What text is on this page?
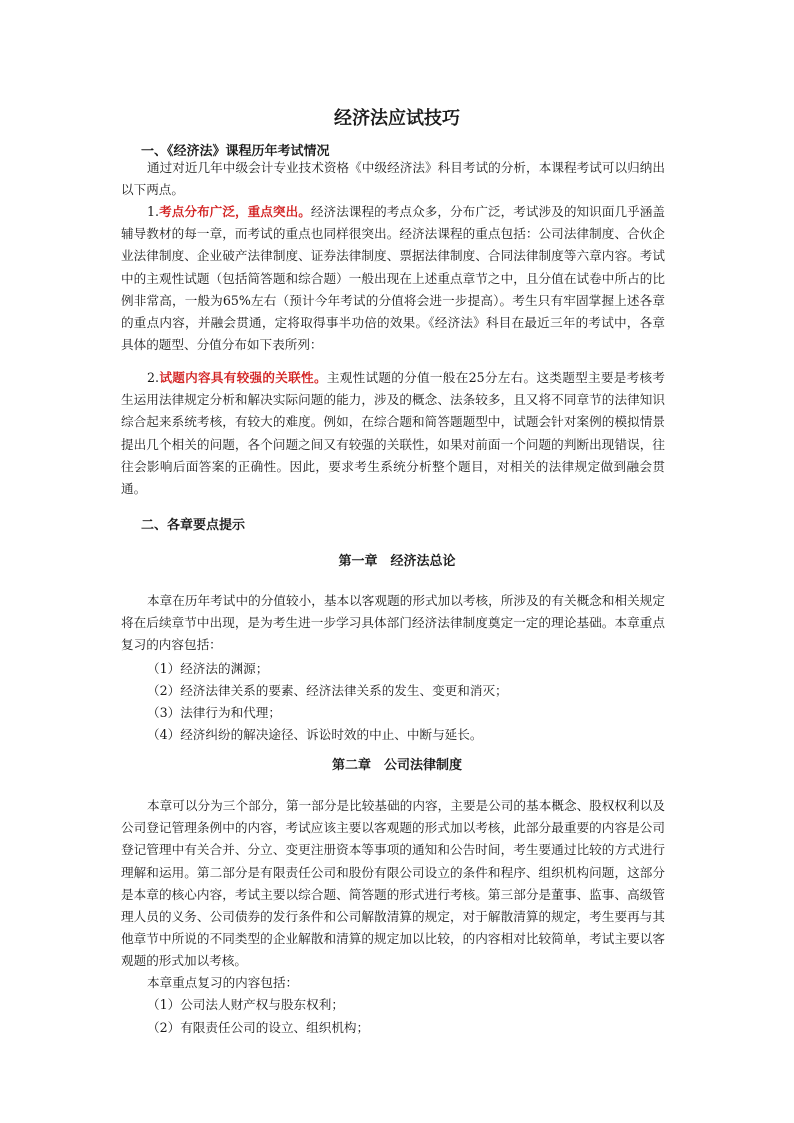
经济法应试技巧
一、《经济法》课程历年考试情况
通过对近几年中级会计专业技术资格《中级经济法》科目考试的分析，本课程考试可以归纳出以下两点。
1.考点分布广泛，重点突出。经济法课程的考点众多，分布广泛，考试涉及的知识面几乎涵盖辅导教材的每一章，而考试的重点也同样很突出。经济法课程的重点包括：公司法律制度、合伙企业法律制度、企业破产法律制度、证券法律制度、票据法律制度、合同法律制度等六章内容。考试中的主观性试题（包括简答题和综合题）一般出现在上述重点章节之中，且分值在试卷中所占的比例非常高，一般为65%左右（预计今年考试的分值将会进一步提高）。考生只有牢固掌握上述各章的重点内容，并融会贯通，定将取得事半功倍的效果。《经济法》科目在最近三年的考试中，各章具体的题型、分值分布如下表所列：
2.试题内容具有较强的关联性。主观性试题的分值一般在25分左右。这类题型主要是考核考生运用法律规定分析和解决实际问题的能力，涉及的概念、法条较多，且又将不同章节的法律知识综合起来系统考核，有较大的难度。例如，在综合题和简答题题型中，试题会针对案例的模拟情景提出几个相关的问题，各个问题之间又有较强的关联性，如果对前面一个问题的判断出现错误，往往会影响后面答案的正确性。因此，要求考生系统分析整个题目，对相关的法律规定做到融会贯通。
二、各章要点提示
第一章　经济法总论
本章在历年考试中的分值较小，基本以客观题的形式加以考核，所涉及的有关概念和相关规定将在后续章节中出现，是为考生进一步学习具体部门经济法律制度奠定一定的理论基础。本章重点复习的内容包括：
（1）经济法的渊源；
（2）经济法律关系的要素、经济法律关系的发生、变更和消灭；
（3）法律行为和代理；
（4）经济纠纷的解决途径、诉讼时效的中止、中断与延长。
第二章　公司法律制度
本章可以分为三个部分，第一部分是比较基础的内容，主要是公司的基本概念、股权权利以及公司登记管理条例中的内容，考试应该主要以客观题的形式加以考核，此部分最重要的内容是公司登记管理中有关合并、分立、变更注册资本等事项的通知和公告时间，考生要通过比较的方式进行理解和运用。第二部分是有限责任公司和股份有限公司设立的条件和程序、组织机构问题，这部分是本章的核心内容，考试主要以综合题、简答题的形式进行考核。第三部分是董事、监事、高级管理人员的义务、公司债券的发行条件和公司解散清算的规定，对于解散清算的规定，考生要再与其他章节中所说的不同类型的企业解散和清算的规定加以比较，的内容相对比较简单，考试主要以客观题的形式加以考核。
本章重点复习的内容包括：
（1）公司法人财产权与股东权利；
（2）有限责任公司的设立、组织机构；
